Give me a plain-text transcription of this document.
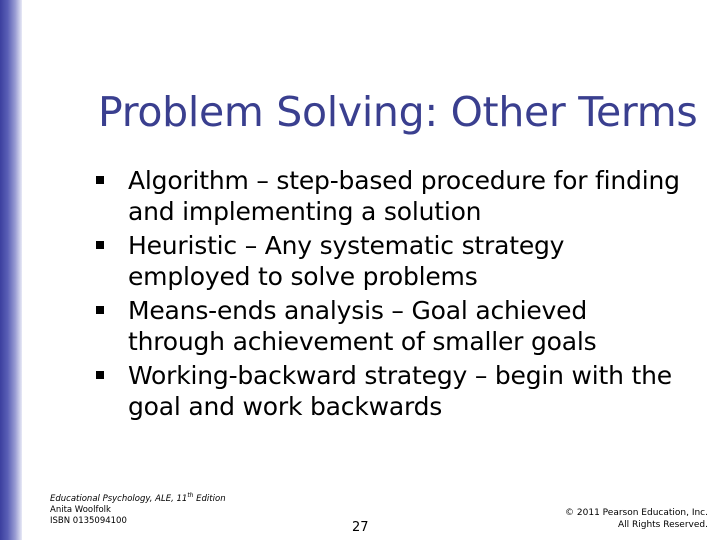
Problem Solving: Other Terms
Algorithm – step-based procedure for finding and implementing a solution
Heuristic – Any systematic strategy employed to solve problems
Means-ends analysis – Goal achieved through achievement of smaller goals
Working-backward strategy – begin with the goal and work backwards
Educational Psychology, ALE, 11th Edition
Anita Woolfolk
ISBN 0135094100	27
© 2011 Pearson Education, Inc.
All Rights Reserved.
